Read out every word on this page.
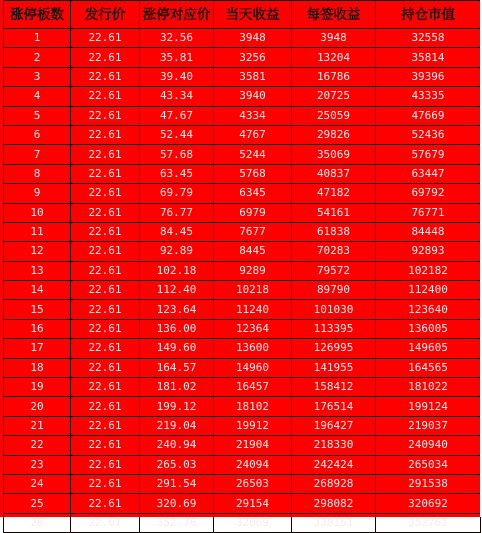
涨停板数	发行价	涨停对应价	当天收益	每签收益	持仓市值
1	22.61	32.56	3948	3948	32558
2	22.61	35.81	3256	13204	35814
3	22.61	39.40	3581	16786	39396
4	22.61	43.34	3940	20725	43335
5	22.61	47.67	4334	25059	47669
6	22.61	52.44	4767	29826	52436
7	22.61	57.68	5244	35069	57679
8	22.61	63.45	5768	40837	63447
9	22.61	69.79	6345	47182	69792
10	22.61	76.77	6979	54161	76771
11	22.61	84.45	7677	61838	84448
12	22.61	92.89	8445	70283	92893
13	22.61	102.18	9289	79572	102182
14	22.61	112.40	10218	89790	112400
15	22.61	123.64	11240	101030	123640
16	22.61	136.00	12364	113395	136005
17	22.61	149.60	13600	126995	149605
18	22.61	164.57	14960	141955	164565
19	22.61	181.02	16457	158412	181022
20	22.61	199.12	18102	176514	199124
21	22.61	219.04	19912	196427	219037
22	22.61	240.94	21904	218330	240940
23	22.61	265.03	24094	242424	265034
24	22.61	291.54	26503	268928	291538
25	22.61	320.69	29154	298082	320692
26	22.61	352.76	32069	330151	352761
